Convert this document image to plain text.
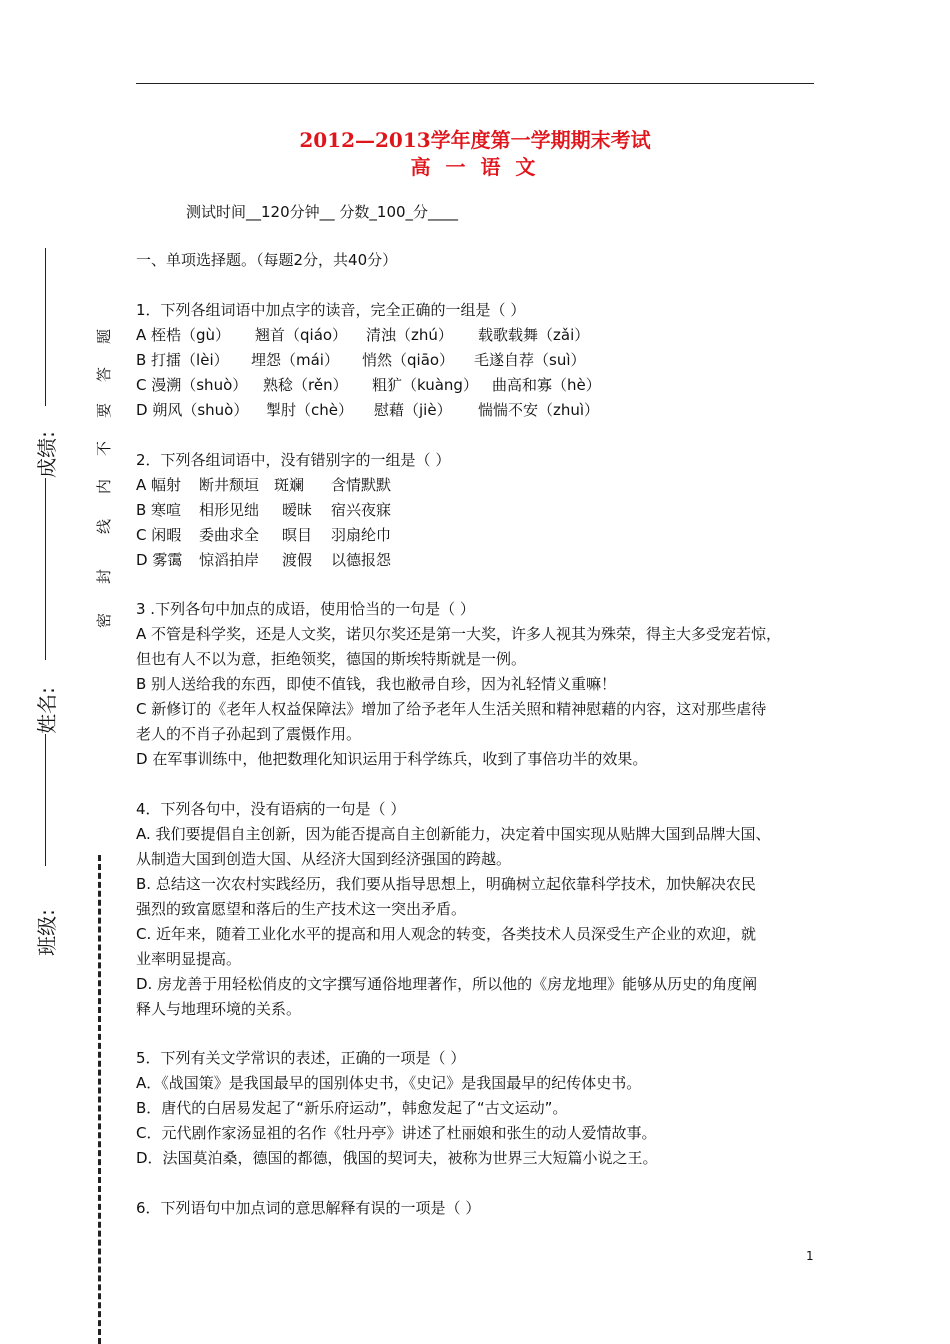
2012—2013学年度第一学期期末考试
高 一 语 文
测试时间__120分钟__ 分数_100_分____
一、单项选择题。（每题2分，共40分）
1．下列各组词语中加点字的读音，完全正确的一组是（ ）
A 桎梏（gù） 翘首（qiáo） 清浊（zhú） 载歌载舞（zǎi）
B 打擂（lèi） 埋怨（mái） 悄然（qiāo） 毛遂自荐（suì）
C 漫溯（shuò） 熟稔（rěn） 粗犷（kuàng） 曲高和寡（hè）
D 朔风（shuò） 掣肘（chè） 慰藉（jiè） 惴惴不安（zhuì）
2．下列各组词语中，没有错别字的一组是（ ）
A 幅射 断井颓垣 斑斓 含情默默
B 寒喧 相形见绌 暧昧 宿兴夜寐
C 闲暇 委曲求全 暝目 羽扇纶巾
D 雾霭 惊滔拍岸 渡假 以德报怨
3 .下列各句中加点的成语，使用恰当的一句是（ ）
A 不管是科学奖，还是人文奖，诺贝尔奖还是第一大奖，许多人视其为殊荣，得主大多受宠若惊，
但也有人不以为意，拒绝领奖，德国的斯埃特斯就是一例。
B 别人送给我的东西，即使不值钱，我也敝帚自珍，因为礼轻情义重嘛！
C 新修订的《老年人权益保障法》增加了给予老年人生活关照和精神慰藉的内容，这对那些虐待
老人的不肖子孙起到了震慑作用。
D 在军事训练中，他把数理化知识运用于科学练兵，收到了事倍功半的效果。
4．下列各句中，没有语病的一句是（ ）
A. 我们要提倡自主创新，因为能否提高自主创新能力，决定着中国实现从贴牌大国到品牌大国、
从制造大国到创造大国、从经济大国到经济强国的跨越。
B. 总结这一次农村实践经历，我们要从指导思想上，明确树立起依靠科学技术，加快解决农民
强烈的致富愿望和落后的生产技术这一突出矛盾。
C. 近年来，随着工业化水平的提高和用人观念的转变，各类技术人员深受生产企业的欢迎，就
业率明显提高。
D. 房龙善于用轻松俏皮的文字撰写通俗地理著作，所以他的《房龙地理》能够从历史的角度阐
释人与地理环境的关系。
5．下列有关文学常识的表述，正确的一项是（ ）
A．《战国策》是我国最早的国别体史书，《史记》是我国最早的纪传体史书。
B．唐代的白居易发起了“新乐府运动”，韩愈发起了“古文运动”。
C．元代剧作家汤显祖的名作《牡丹亭》讲述了杜丽娘和张生的动人爱情故事。
D．法国莫泊桑，德国的都德，俄国的契诃夫，被称为世界三大短篇小说之王。
6．下列语句中加点词的意思解释有误的一项是（ ）
1
题
答
要
不
内
线
封
密
成绩:
姓名:
班级:
